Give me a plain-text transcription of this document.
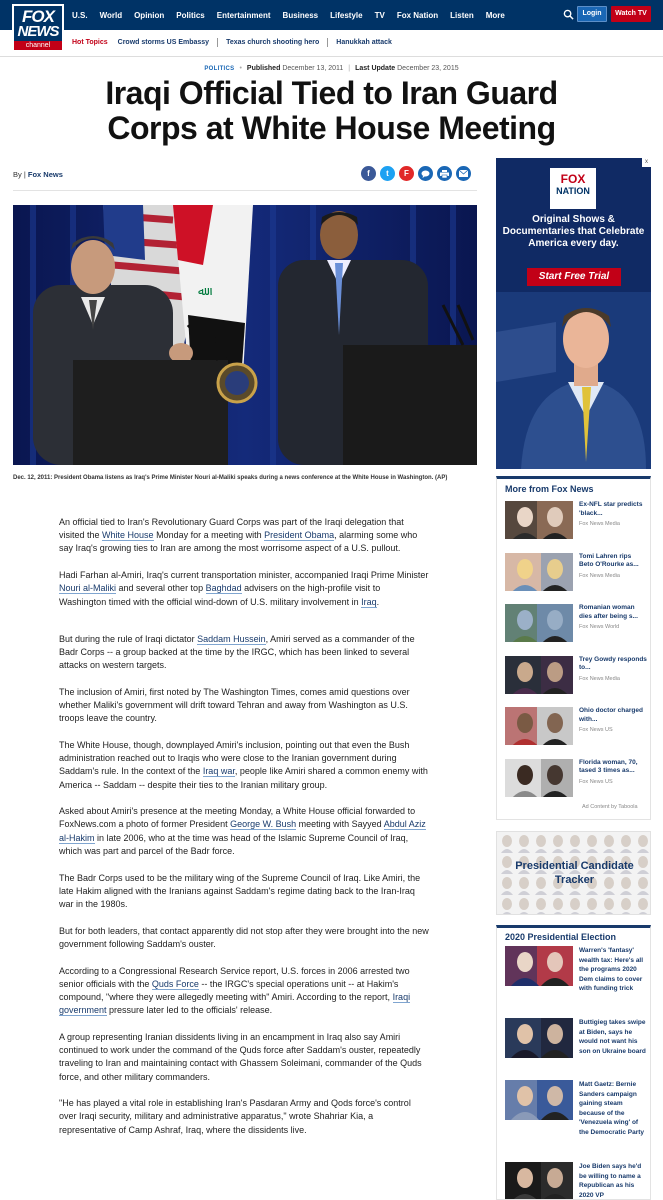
U.S. World Opinion Politics Entertainment Business Lifestyle TV Fox Nation Listen More	Login	Watch TV
FOX
NEWS
channel	Hot Topics Crowd storms US Embassy	Texas church shooting hero	Hanukkah attack
POLITICS • Published December 13, 2011 | Last Update December 23, 2015
Iraqi Official Tied to Iran Guard Corps at White House Meeting
By | Fox News	f	t	F
ﷲ

Dec. 12, 2011: President Obama listens as Iraq's Prime Minister Nouri al-Maliki speaks during a news conference at the White House in Washington. (AP)

An official tied to Iran's Revolutionary Guard Corps was part of the Iraqi delegation that visited the White House Monday for a meeting with President Obama, alarming some who say Iraq's growing ties to Iran are among the most worrisome aspect of a U.S. pullout.

Hadi Farhan al-Amiri, Iraq's current transportation minister, accompanied Iraqi Prime Minister Nouri al-Maliki and several other top Baghdad advisers on the high-profile visit to Washington timed with the official wind-down of U.S. military involvement in Iraq.

But during the rule of Iraqi dictator Saddam Hussein, Amiri served as a commander of the Badr Corps -- a group backed at the time by the IRGC, which has been linked to several attacks on western targets.

The inclusion of Amiri, first noted by The Washington Times, comes amid questions over whether Maliki's government will drift toward Tehran and away from Washington as U.S. troops leave the country.

The White House, though, downplayed Amiri's inclusion, pointing out that even the Bush administration reached out to Iraqis who were close to the Iranian government during Saddam's rule. In the context of the Iraq war, people like Amiri shared a common enemy with America -- Saddam -- despite their ties to the Iranian military group.

Asked about Amiri's presence at the meeting Monday, a White House official forwarded to FoxNews.com a photo of former President George W. Bush meeting with Sayyed Abdul Aziz al-Hakim in late 2006, who at the time was head of the Islamic Supreme Council of Iraq, which was part and parcel of the Badr force.

The Badr Corps used to be the military wing of the Supreme Council of Iraq. Like Amiri, the late Hakim aligned with the Iranians against Saddam's regime dating back to the Iran-Iraq war in the 1980s.

But for both leaders, that contact apparently did not stop after they were brought into the new government following Saddam's ouster.

According to a Congressional Research Service report, U.S. forces in 2006 arrested two senior officials with the Quds Force -- the IRGC's special operations unit -- at Hakim's compound, "where they were allegedly meeting with" Amiri. According to the report, Iraqi government pressure later led to the officials' release.

A group representing Iranian dissidents living in an encampment in Iraq also say Amiri continued to work under the command of the Quds force after Saddam's ouster, repeatedly traveling to Iran and maintaining contact with Ghassem Soleimani, commander of the Quds force, and other military commanders.

"He has played a vital role in establishing Iran's Pasdaran Army and Qods force's control over Iraqi security, military and administrative apparatus," wrote Shahriar Kia, a representative of Camp Ashraf, Iraq, where the dissidents live.

x
FOX
NATION
Original Shows & Documentaries that Celebrate America every day.
Start Free Trial
More from Fox News
Ex-NFL star predicts 'black...
Fox News Media
Tomi Lahren rips Beto O'Rourke as...
Fox News Media
Romanian woman dies after being s...
Fox News World
Trey Gowdy responds to...
Fox News Media
Ohio doctor charged with...
Fox News US
Florida woman, 70, tased 3 times as...
Fox News US
Ad Content by Taboola
Presidential Candidate Tracker
2020 Presidential Election
Warren's 'fantasy' wealth tax: Here's all the programs 2020 Dem claims to cover with funding trick
Buttigieg takes swipe at Biden, says he would not want his son on Ukraine board
Matt Gaetz: Bernie Sanders campaign gaining steam because of the 'Venezuela wing' of the Democratic Party
Joe Biden says he'd be willing to name a Republican as his 2020 VP
